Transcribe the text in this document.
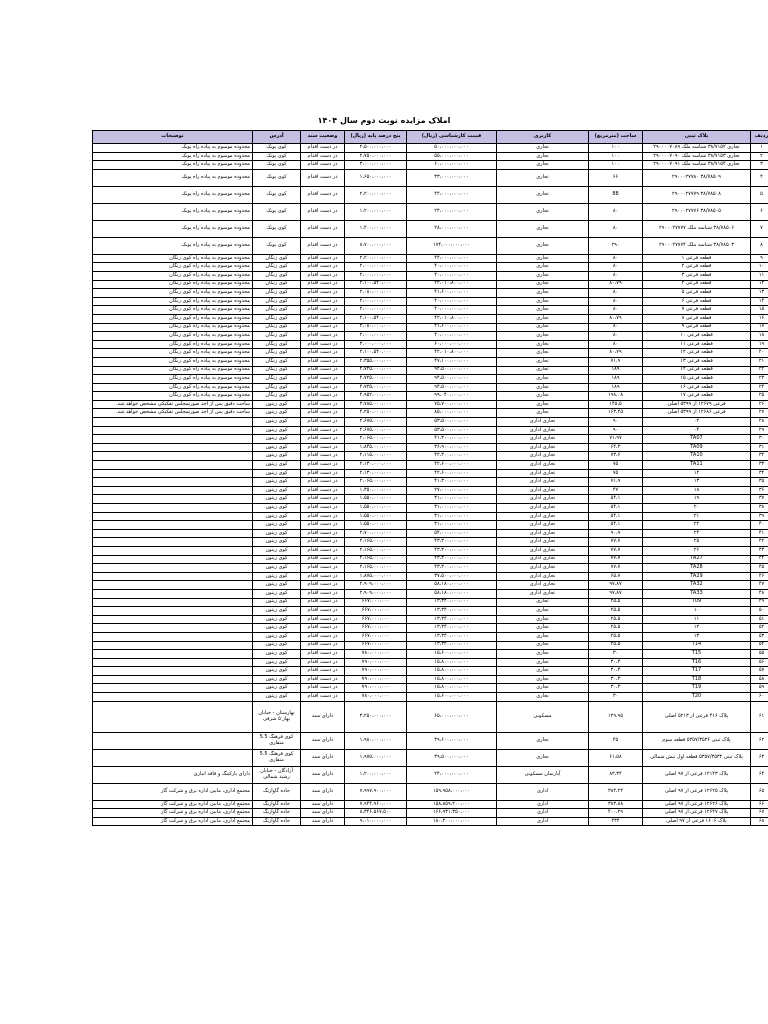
املاک مزایده نوبت دوم سال ۱۴۰۴
ردیف	پلاک ثبتی	ساحت (مترمربع)	کاربری	قیمت کارشناسی (ریال)	پنج درصد پایه (ریال)	وضعیت سند	آدرس	توضیحات
۱	تجاری ۳۸/۷۱۵۲ شناسه ملک ۲۹۰۰۰۰۷۰۸۹	۱۰۰	تجاری	۵۰،۰۰۰،۰۰۰،۰۰۰	۲،۵۰۰،۰۰۰،۰۰۰	در دست اقدام	کوی پونک	محدوده موسوم به پیاده راه پونک
۲	تجاری ۳۸/۷۱۵۳ شناسه ملک ۲۹۰۰۰۰۷۰۹۰	۱۰۰	تجاری	۵۵،۰۰۰،۰۰۰،۰۰۰	۲،۷۵۰،۰۰۰،۰۰۰	در دست اقدام	کوی پونک	محدوده موسوم به پیاده راه پونک
۳	تجاری ۳۸/۷۱۵۴ شناسه ملک ۲۹۰۰۰۰۷۰۹۱	۱۰۰	تجاری	۶۰،۰۰۰،۰۰۰،۰۰۰	۳،۰۰۰،۰۰۰،۰۰۰	در دست اقدام	کوی پونک	محدوده موسوم به پیاده راه پونک
۴	۳۸/۷۸۵۰۹ ۲۹۰۰۰۲۷۷۸۰	۶۶	تجاری	۳۳،۰۰۰،۰۰۰،۰۰۰	۱،۶۵۰،۰۰۰،۰۰۰	در دست اقدام	کوی پونک	محدوده موسوم به پیاده راه پونک
۵	۳۸/۷۸۵۰۸ ۲۹۰۰۰۲۷۷۷۹	88	تجاری	۴۴،۰۰۰،۰۰۰،۰۰۰	۲،۲۰۰،۰۰۰،۰۰۰	در دست اقدام	کوی پونک	محدوده موسوم به پیاده راه پونک
۶	۳۸/۷۸۵۰۵ ۲۹۰۰۰۲۷۷۷۶	۸۰	تجاری	۲۴،۰۰۰،۰۰۰،۰۰۰	۱،۲۰۰،۰۰۰،۰۰۰	در دست اقدام	کوی پونک	محدوده موسوم به پیاده راه پونک
۷	۳۸/۷۸۵۰۶ شناسه ملک ۲۹۰۰۰۲۷۷۷۷	۸۰	تجاری	۲۸،۰۰۰،۰۰۰،۰۰۰	۱،۴۰۰،۰۰۰،۰۰۰	در دست اقدام	کوی پونک	محدوده موسوم به پیاده راه پونک
۸	۳۸/۷۸۵۰۳ شناسه ملک ۲۹۰۰۰۲۷۷۷۴	۲۹۰	تجاری	۱۷۴،۰۰۰،۰۰۰،۰۰۰	۸،۷۰۰،۰۰۰،۰۰۰	در دست اقدام	کوی پونک	محدوده موسوم به پیاده راه پونک
۹	قطعه فرعی ۱	۸۰	تجاری	۴۴،۰۰۰،۰۰۰،۰۰۰	۲،۲۰۰،۰۰۰،۰۰۰	در دست اقدام	کوی زنگان	محدوده موسوم به پیاده راه کوی زنگان
۱۰	قطعه فرعی ۲	۸۰	تجاری	۴۰،۰۰۰،۰۰۰،۰۰۰	۲،۰۰۰،۰۰۰،۰۰۰	در دست اقدام	کوی زنگان	محدوده موسوم به پیاده راه کوی زنگان
۱۱	قطعه فرعی ۳	۸۰	تجاری	۴۰،۰۰۰،۰۰۰،۰۰۰	۲،۰۰۰،۰۰۰،۰۰۰	در دست اقدام	کوی زنگان	محدوده موسوم به پیاده راه کوی زنگان
۱۲	قطعه فرعی ۴	۸۰،۷۹	تجاری	۴۲،۰۱۰،۸۰۰،۰۰۰	۲،۱۰۰،۵۴۰،۰۰۰	در دست اقدام	کوی زنگان	محدوده موسوم به پیاده راه کوی زنگان
۱۳	قطعه فرعی ۵	۸۰	تجاری	۴۱،۶۰۰،۰۰۰،۰۰۰	۲،۰۸۰،۰۰۰،۰۰۰	در دست اقدام	کوی زنگان	محدوده موسوم به پیاده راه کوی زنگان
۱۴	قطعه فرعی ۶	۸۰	تجاری	۴۰،۰۰۰،۰۰۰،۰۰۰	۲،۰۰۰،۰۰۰،۰۰۰	در دست اقدام	کوی زنگان	محدوده موسوم به پیاده راه کوی زنگان
۱۵	قطعه فرعی ۷	۸۰	تجاری	۴۰،۰۰۰،۰۰۰،۰۰۰	۲،۰۰۰،۰۰۰،۰۰۰	در دست اقدام	کوی زنگان	محدوده موسوم به پیاده راه کوی زنگان
۱۶	قطعه فرعی ۸	۸۰،۷۹	تجاری	۴۲،۰۱۰،۸۰۰،۰۰۰	۲،۱۰۰،۵۴۰،۰۰۰	در دست اقدام	کوی زنگان	محدوده موسوم به پیاده راه کوی زنگان
۱۷	قطعه فرعی ۹	۸۰	تجاری	۴۱،۶۰۰،۰۰۰،۰۰۰	۲،۰۸۰،۰۰۰،۰۰۰	در دست اقدام	کوی زنگان	محدوده موسوم به پیاده راه کوی زنگان
۱۸	قطعه فرعی ۱۰	۸۰	تجاری	۴۰،۰۰۰،۰۰۰،۰۰۰	۲،۰۰۰،۰۰۰،۰۰۰	در دست اقدام	کوی زنگان	محدوده موسوم به پیاده راه کوی زنگان
۱۹	قطعه فرعی ۱۱	۸۰	تجاری	۶۰،۰۰۰،۰۰۰،۰۰۰	۳،۰۰۰،۰۰۰،۰۰۰	در دست اقدام	کوی زنگان	محدوده موسوم به پیاده راه کوی زنگان
۲۰	قطعه فرعی ۱۲	۸۰،۷۹	تجاری	۴۲،۰۱۰،۸۰۰،۰۰۰	۲،۱۰۰،۵۴۰،۰۰۰	در دست اقدام	کوی زنگان	محدوده موسوم به پیاده راه کوی زنگان
۲۱	قطعه فرعی ۱۳	۷۱،۹	تجاری	۴۷،۱۰۰،۰۰۰،۰۰۰	۲،۳۵۵،۰۰۰،۰۰۰	در دست اقدام	کوی زنگان	محدوده موسوم به پیاده راه کوی زنگان
۲۲	قطعه فرعی ۱۴	۱۸۹	تجاری	۹۴،۵۰۰،۰۰۰،۰۰۰	۴،۷۲۵،۰۰۰،۰۰۰	در دست اقدام	کوی زنگان	محدوده موسوم به پیاده راه کوی زنگان
۲۳	قطعه فرعی ۱۵	۱۸۹	تجاری	۹۴،۵۰۰،۰۰۰،۰۰۰	۴،۷۲۵،۰۰۰،۰۰۰	در دست اقدام	کوی زنگان	محدوده موسوم به پیاده راه کوی زنگان
۲۴	قطعه فرعی ۱۶	۱۸۹	تجاری	۹۴،۵۰۰،۰۰۰،۰۰۰	۴،۷۲۵،۰۰۰،۰۰۰	در دست اقدام	کوی زنگان	محدوده موسوم به پیاده راه کوی زنگان
۲۵	قطعه فرعی ۱۷	۱۹۸،۰۸	تجاری	۹۹،۰۴۰،۰۰۰،۰۰۰	۴،۹۵۲،۰۰۰،۰۰۰	در دست اقدام	کوی زنگان	محدوده موسوم به پیاده راه کوی زنگان
۲۶	فرعی ۱۲۶۷۹ از ۵۳۹۹ اصلی	۱۴۵،۵	تجاری	۷۵،۷۰۰،۰۰۰،۰۰۰	۳،۷۸۵،۰۰۰،۰۰۰	در دست اقدام	کوی زیتون	ساحت دقیق پس از اخذ صورتمجلس تفکیکی مشخص خواهد شد.
۲۷	فرعی ۱۲۶۸۶ از ۵۳۹۹ اصلی	۱۶۳،۴۵	تجاری	۸۵،۰۰۰،۰۰۰،۰۰۰	۴،۲۵۰،۰۰۰،۰۰۰	در دست اقدام	کوی زیتون	ساحت دقیق پس از اخذ صورتمجلس تفکیکی مشخص خواهد شد.
۲۸	۰۲	۹۰	تجاری اداری	۵۳،۵۰۰،۰۰۰،۰۰۰	۲،۶۷۵،۰۰۰،۰۰۰	در دست اقدام	کوی زیتون	
۲۹	۰۴	۹۰	تجاری اداری	۵۳،۵۰۰،۰۰۰،۰۰۰	۲،۶۷۵،۰۰۰،۰۰۰	در دست اقدام	کوی زیتون	
۳۰	TA07	۷۱،۹۷	تجاری اداری	۴۱،۳۰۰،۰۰۰،۰۰۰	۲،۰۶۵،۰۰۰،۰۰۰	در دست اقدام	کوی زیتون	
۳۱	TA09	۶۴،۳	تجاری اداری	۳۶،۹۰۰،۰۰۰،۰۰۰	۱،۸۴۵،۰۰۰،۰۰۰	در دست اقدام	کوی زیتون	
۳۲	TA10	۷۳،۶	تجاری اداری	۴۲،۳۰۰،۰۰۰،۰۰۰	۲،۱۱۵،۰۰۰،۰۰۰	در دست اقدام	کوی زیتون	
۳۳	TA11	۷۵	تجاری اداری	۴۲،۶۰۰،۰۰۰،۰۰۰	۲،۱۳۰،۰۰۰،۰۰۰	در دست اقدام	کوی زیتون	
۳۴	۱۲	۷۵	تجاری اداری	۴۲،۶۰۰،۰۰۰،۰۰۰	۲،۱۳۰،۰۰۰،۰۰۰	در دست اقدام	کوی زیتون	
۳۵	۱۳	۷۱،۹	تجاری اداری	۴۱،۳۰۰،۰۰۰،۰۰۰	۲،۰۶۵،۰۰۰،۰۰۰	در دست اقدام	کوی زیتون	
۳۶	۱۸	۴۷	تجاری اداری	۲۷،۰۰۰،۰۰۰،۰۰۰	۱،۳۵۰،۰۰۰،۰۰۰	در دست اقدام	کوی زیتون	
۳۷	۱۹	۵۴،۱	تجاری اداری	۳۱،۰۰۰،۰۰۰،۰۰۰	۱،۵۵۰،۰۰۰،۰۰۰	در دست اقدام	کوی زیتون	
۳۸	۲۰	۵۴،۱	تجاری اداری	۳۱،۰۰۰،۰۰۰،۰۰۰	۱،۵۵۰،۰۰۰،۰۰۰	در دست اقدام	کوی زیتون	
۳۹	۲۱	۵۴،۱	تجاری اداری	۳۱،۰۰۰،۰۰۰،۰۰۰	۱،۵۵۰،۰۰۰،۰۰۰	در دست اقدام	کوی زیتون	
۴۰	۲۲	۵۴،۱	تجاری اداری	۳۱،۰۰۰،۰۰۰،۰۰۰	۱،۵۵۰،۰۰۰،۰۰۰	در دست اقدام	کوی زیتون	
۴۱	۲۴	۹۰،۹	تجاری اداری	۵۴،۰۰۰،۰۰۰،۰۰۰	۲،۷۰۰،۰۰۰،۰۰۰	در دست اقدام	کوی زیتون	
۴۲	۲۵	۷۷،۷	تجاری اداری	۴۳،۳۰۰،۰۰۰،۰۰۰	۲،۱۶۵،۰۰۰،۰۰۰	در دست اقدام	کوی زیتون	
۴۳	۲۶	۷۷،۷	تجاری اداری	۴۳،۳۰۰،۰۰۰،۰۰۰	۲،۱۶۵،۰۰۰،۰۰۰	در دست اقدام	کوی زیتون	
۴۴	TA27	۷۷،۷	تجاری اداری	۴۳،۳۰۰،۰۰۰،۰۰۰	۲،۱۶۵،۰۰۰،۰۰۰	در دست اقدام	کوی زیتون	
۴۵	TA28	۷۷،۷	تجاری اداری	۴۳،۳۰۰،۰۰۰،۰۰۰	۲،۱۶۵،۰۰۰،۰۰۰	در دست اقدام	کوی زیتون	
۴۶	TA29	۶۵،۷	تجاری اداری	۳۷،۵۰۰،۰۰۰،۰۰۰	۱،۸۷۵،۰۰۰،۰۰۰	در دست اقدام	کوی زیتون	
۴۷	TA32	۹۷،۸۷	تجاری اداری	۵۸،۱۸۰،۰۰۰،۰۰۰	۲،۹۰۹،۰۰۰،۰۰۰	در دست اقدام	کوی زیتون	
۴۸	TA33	۹۷،۸۷	تجاری اداری	۵۸،۱۸۰،۰۰۰،۰۰۰	۲،۹۰۹،۰۰۰،۰۰۰	در دست اقدام	کوی زیتون	
۴۹	T09	۲۵،۵	تجاری	۱۳،۳۴۰،۰۰۰،۰۰۰	۶۶۷،۰۰۰،۰۰۰	در دست اقدام	کوی زیتون	
۵۰	۱۰	۲۵،۵	تجاری	۱۳،۳۴۰،۰۰۰،۰۰۰	۶۶۷،۰۰۰،۰۰۰	در دست اقدام	کوی زیتون	
۵۱	۱۱	۲۵،۵	تجاری	۱۳،۳۴۰،۰۰۰،۰۰۰	۶۶۷،۰۰۰،۰۰۰	در دست اقدام	کوی زیتون	
۵۲	۱۲	۲۵،۵	تجاری	۱۳،۳۴۰،۰۰۰،۰۰۰	۶۶۷،۰۰۰،۰۰۰	در دست اقدام	کوی زیتون	
۵۳	۱۳	۲۵،۵	تجاری	۱۳،۳۴۰،۰۰۰،۰۰۰	۶۶۷،۰۰۰،۰۰۰	در دست اقدام	کوی زیتون	
۵۴	T14	۲۵،۵	تجاری	۱۳،۳۴۰،۰۰۰،۰۰۰	۶۶۷،۰۰۰،۰۰۰	در دست اقدام	کوی زیتون	
۵۵	T15	۳۰	تجاری	۱۵،۶۰۰،۰۰۰،۰۰۰	۷۸۰،۰۰۰،۰۰۰	در دست اقدام	کوی زیتون	
۵۶	T16	۳۰،۳	تجاری	۱۵،۸۰۰،۰۰۰،۰۰۰	۷۹۰،۰۰۰،۰۰۰	در دست اقدام	کوی زیتون	
۵۷	T17	۳۰،۳	تجاری	۱۵،۸۰۰،۰۰۰،۰۰۰	۷۹۰،۰۰۰،۰۰۰	در دست اقدام	کوی زیتون	
۵۸	T18	۳۰،۳	تجاری	۱۵،۸۰۰،۰۰۰،۰۰۰	۷۹۰،۰۰۰،۰۰۰	در دست اقدام	کوی زیتون	
۵۹	T19	۳۰،۳	تجاری	۱۵،۸۰۰،۰۰۰،۰۰۰	۷۹۰،۰۰۰،۰۰۰	در دست اقدام	کوی زیتون	
۶۰	T20	۳۰	تجاری	۱۵،۶۰۰،۰۰۰،۰۰۰	۷۸۰،۰۰۰،۰۰۰	در دست اقدام	کوی زیتون	
۶۱	پلاک ۴۱۶ فرعی از ۵۲۱۳ اصلی	۱۲۹،۹۵	مسکونی	۶۵،۰۰۰،۰۰۰،۰۰۰	۳،۲۵۰،۰۰۰،۰۰۰	دارای سند	بهارستان - خیابان بهار ۵ شرقی	
۶۲	پلاک ثبتی ۵۳۵۷/۳۵۳۶ قطعه سوم	۴۵	تجاری	۳۹،۶۰۰،۰۰۰،۰۰۰	۱،۹۸۰،۰۰۰،۰۰۰	دارای سند	کوی فرهنگ 5.5 متقاری	
۶۳	پلاک ثبتی ۵۳۵۷/۳۵۳۴ قطعه اول نبش شمالی	۶۱،۵۸	تجاری	۳۹،۵۰۰،۰۰۰،۰۰۰	۱،۹۷۵،۰۰۰،۰۰۰	دارای سند	کوی فرهنگ 5.5 متقاری	
۶۴	پلاک ۱۲۱۴۳ فرعی از ۹۷ اصلی	۸۳،۳۴	آپارتمان مسکونی	۲۴،۰۰۰،۰۰۰،۰۰۰	۱،۲۰۰،۰۰۰،۰۰۰	دارای سند	آزادگان - خیابان رشید شمالی	دارای پارکینگ و فاقد انباری
۶۵	پلاک ۱۲۶۲۵ فرعی از ۹۷ اصلی	۳۸۴،۲۴	اداری	۱۵۹،۹۵۸،۰۰۰،۰۰۰	۷،۹۹۷،۹۰۰،۰۰۰	دارای سند	جاده گاوازنگ	مجتمع اداری، مابین اداره برق و شرکت گاز
۶۶	پلاک ۱۲۶۲۶ فرعی از ۹۷ اصلی	۳۸۳،۸۸	اداری	۱۵۸،۸۵۹،۲۰۰،۰۰۰	۷،۹۴۴،۹۶۰،۰۰۰	دارای سند	جاده گاوازنگ	مجتمع اداری، مابین اداره برق و شرکت گاز
۶۷	پلاک ۱۲۶۴۷ فرعی از ۹۷ اصلی	۴۰۰،۲۹	اداری	۱۶۶،۹۳۱،۳۵۰،۰۰۰	۸،۳۴۶،۵۶۷،۵۰۰	دارای سند	جاده گاوازنگ	مجتمع اداری، مابین اداره برق و شرکت گاز
۶۸	پلاک ۱۶۰۶ فرعی از ۹۷ اصلی	۴۳۴	اداری	۱۸۰،۲۰۰،۰۰۰،۰۰۰	۹،۰۱۰،۰۰۰،۰۰۰	دارای سند	جاده گاوازنگ	مجتمع اداری، مابین اداره برق و شرکت گاز
